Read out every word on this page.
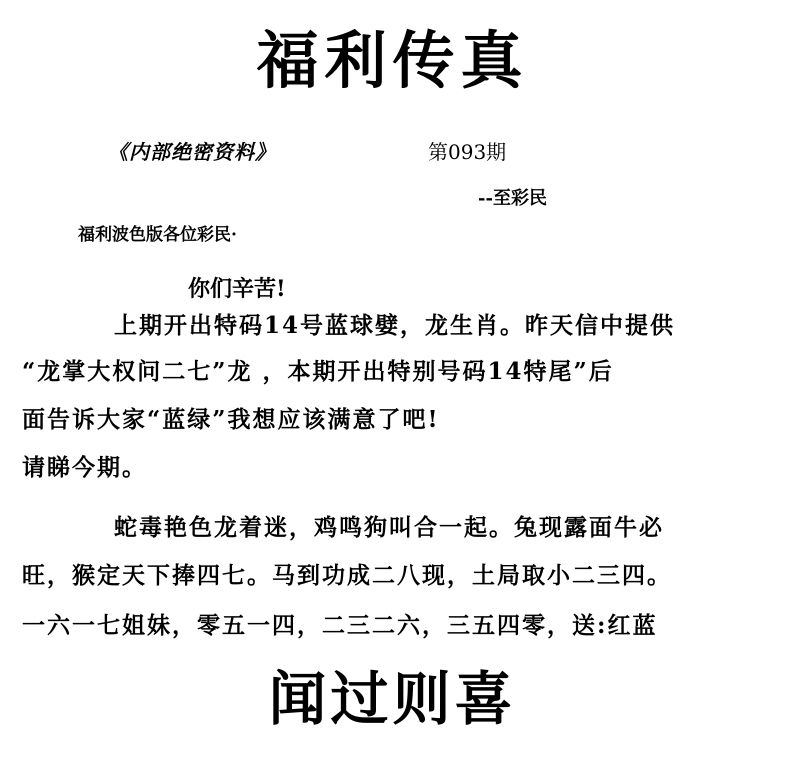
福利传真
《内部绝密资料》	第093期
--至彩民
福利波色版各位彩民·
你们辛苦!
上期开出特码14号蓝球嬖，龙生肖。昨天信中提供
“龙掌大权问二七”龙 ，本期开出特别号码14特尾”后
面告诉大家“蓝绿”我想应该满意了吧!
请睇今期。
蛇毒艳色龙着迷，鸡鸣狗叫合一起。兔现露面牛必
旺，猴定天下捧四七。马到功成二八现，土局取小二三四。
一六一七姐妹，零五一四，二三二六，三五四零，送:红蓝
闻过则喜
